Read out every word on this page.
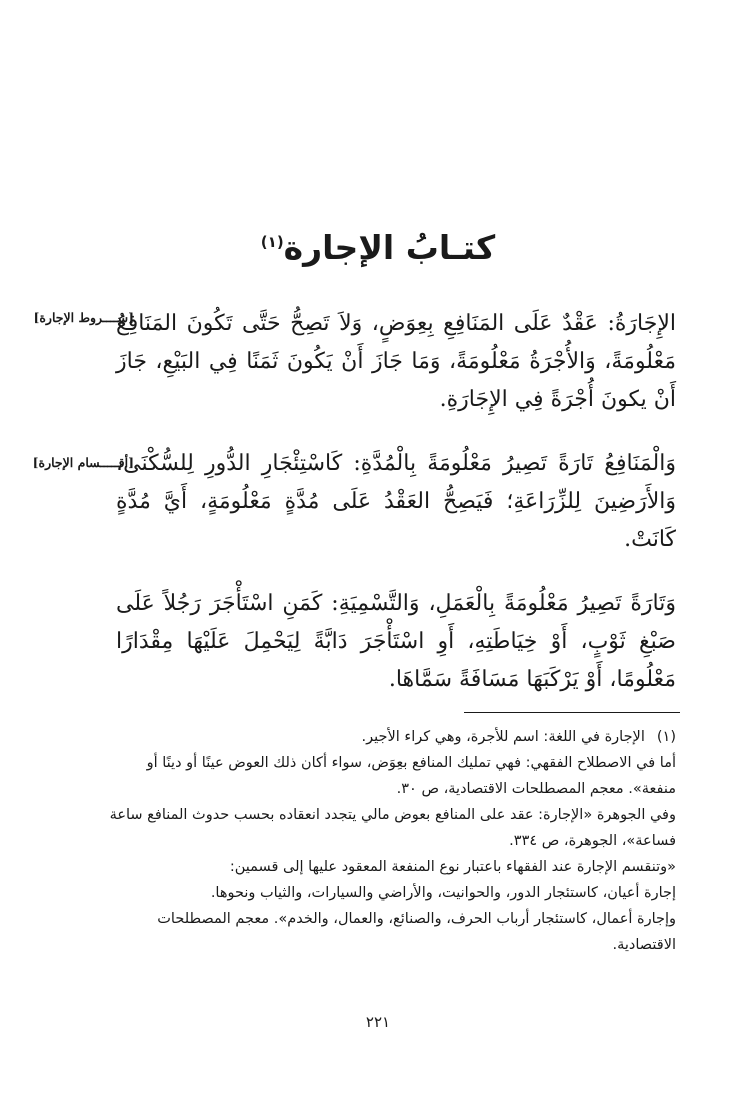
كتـابُ الإجارة$^{(١)}$
[شــــروط الإجارة]
الإِجَارَةُ: عَقْدٌ عَلَى المَنَافِعِ بِعِوَضٍ، وَلاَ تَصِحُّ حَتَّى تَكُونَ المَنَافِعُ مَعْلُومَةً، وَالأُجْرَةُ مَعْلُومَةً، وَمَا جَازَ أَنْ يَكُونَ ثَمَنًا فِي البَيْعِ، جَازَ أَنْ يكونَ أُجْرَةً فِي الإِجَارَةِ.
[أقـــــسام الإجارة]
وَالْمَنَافِعُ تَارَةً تَصِيرُ مَعْلُومَةً بِالْمُدَّةِ: كَاسْتِئْجَارِ الدُّورِ لِلسُّكْنَى، وَالأَرَضِينَ لِلزِّرَاعَةِ؛ فَيَصِحُّ العَقْدُ عَلَى مُدَّةٍ مَعْلُومَةٍ، أَيَّ مُدَّةٍ كَانَتْ.
وَتَارَةً تَصِيرُ مَعْلُومَةً بِالْعَمَلِ، وَالتَّسْمِيَةِ: كَمَنِ اسْتَأْجَرَ رَجُلاً عَلَى صَبْغِ ثَوْبٍ، أَوْ خِيَاطَتِهِ، أَوِ اسْتَأْجَرَ دَابَّةً لِيَحْمِلَ عَلَيْهَا مِقْدَارًا مَعْلُومًا، أَوْ يَرْكَبَهَا مَسَافَةً سَمَّاهَا.

(١)الإجارة في اللغة: اسم للأجرة، وهي كراء الأجير.

أما في الاصطلاح الفقهي: فهي تمليك المنافع بعِوَض، سواء أكان ذلك العوض عينًا أو دينًا أو منفعة». معجم المصطلحات الاقتصادية، ص ٣٠.

وفي الجوهرة «الإجارة: عقد على المنافع بعوض مالي يتجدد انعقاده بحسب حدوث المنافع ساعة فساعة»، الجوهرة، ص ٣٣٤.

«وتنقسم الإجارة عند الفقهاء باعتبار نوع المنفعة المعقود عليها إلى قسمين:

إجارة أعيان، كاستئجار الدور، والحوانيت، والأراضي والسيارات، والثياب ونحوها.

وإجارة أعمال، كاستئجار أرباب الحرف، والصنائع، والعمال، والخدم». معجم المصطلحات الاقتصادية.

٢٢١
